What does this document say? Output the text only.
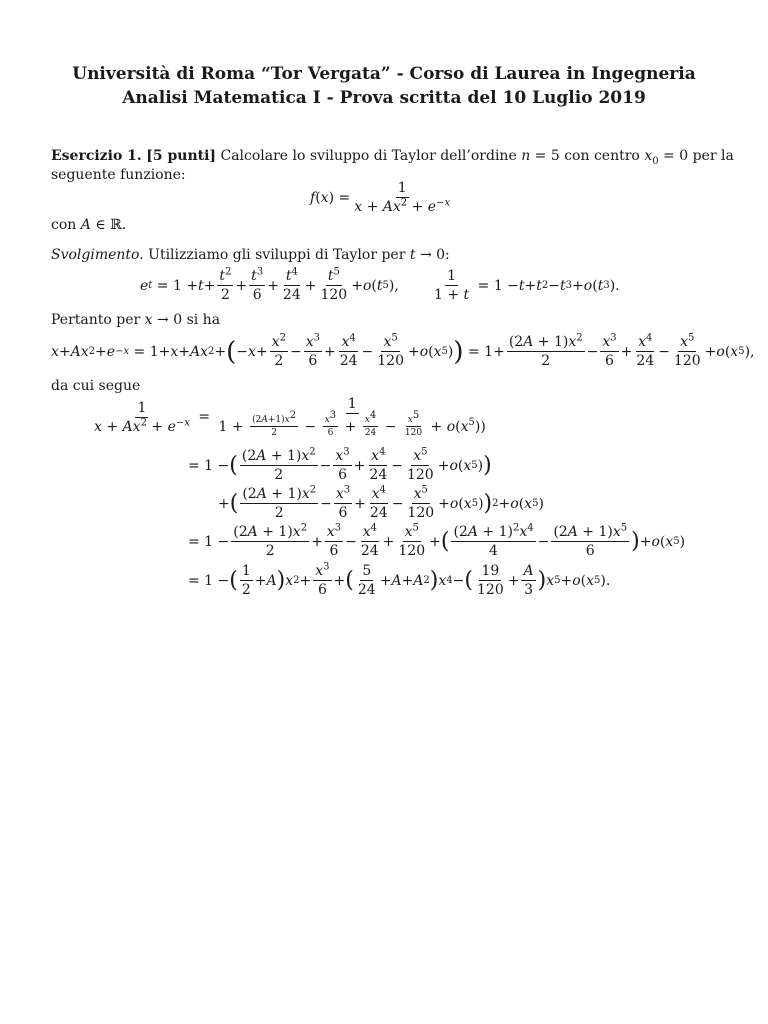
Università di Roma “Tor Vergata” - Corso di Laurea in Ingegneria
Analisi Matematica I - Prova scritta del 10 Luglio 2019
Esercizio 1. [5 punti] Calcolare lo sviluppo di Taylor dell’ordine n = 5 con centro $x_0 = 0$ per la
seguente funzione:
f ( x ) = $\frac{1}{x + Ax^2 + e^{-x}}$
con A ∈ ℝ.
Svolgimento. Utilizziamo gli sviluppi di Taylor per t → 0:
e $t = 1 + t + \frac{t^2}{2} + \frac{t^3}{6} + \frac{t^4}{24} + \frac{t^5}{120} + o$ ( t 5 ), $\frac{1}{1 + t} = 1 - t + t$ 2 − t 3 + o ( t 3 ).
Pertanto per x → 0 si ha
x + Ax 2 + e −x = 1+ x + Ax 2 + ( − $x + \frac{x^2}{2} - \frac{x^3}{6} + \frac{x^4}{24} - \frac{x^5}{120} + o$ ( x 5 ) ) = $1+ \frac{(2A + 1)x^2}{2} - \frac{x^3}{6} + \frac{x^4}{24} - \frac{x^5}{120} + o$ ( x 5 ),
da cui segue
$\frac{1}{x + Ax^2 + e^{-x}} = \frac{1}{1 + \frac{(2A+1)x^2}{2} - \frac{x^3}{6} + \frac{x^4}{24} - \frac{x^5}{120} + o(x^5))}$
= 1 − ( $\frac{(2A + 1)x^2}{2} - \frac{x^3}{6} + \frac{x^4}{24} - \frac{x^5}{120} + o$ ( x 5 ) )
+ ( $\frac{(2A + 1)x^2}{2} - \frac{x^3}{6} + \frac{x^4}{24} - \frac{x^5}{120} + o$ ( x 5 ) ) 2 + o ( x 5 )
= $1 - \frac{(2A + 1)x^2}{2} + \frac{x^3}{6} - \frac{x^4}{24} + \frac{x^5}{120}$ + ( $\frac{(2A + 1)^2x^4}{4} - \frac{(2A + 1)x^5}{6}$ ) + o ( x 5 )
= 1 − ( $\frac{1}{2} + A$ ) x $2 + \frac{x^3}{6}$ + ( $\frac{5}{24} + A + A$ 2 ) x 4 − ( $\frac{19}{120} + \frac{A}{3}$ ) x 5 + o ( x 5 ).
